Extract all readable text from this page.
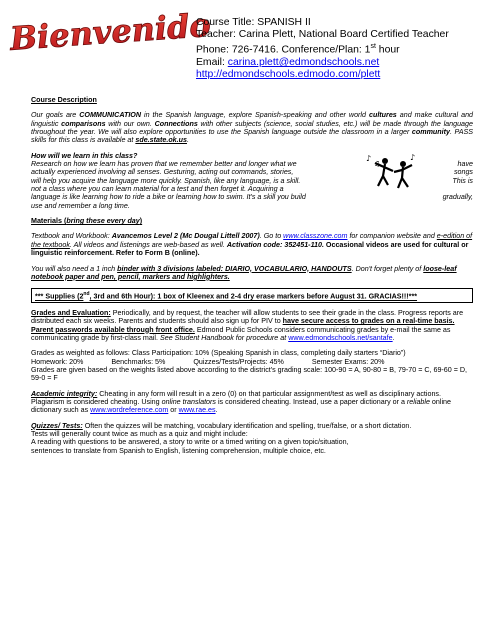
Bienvenido
Course Title: SPANISH II
Teacher: Carina Plett, National Board Certified Teacher
Phone: 726-7416. Conference/Plan: 1st hour
Email: carina.plett@edmondschools.net
http://edmondschools.edmodo.com/plett

Course Description

Our goals are COMMUNICATION in the Spanish language, explore Spanish-speaking and other world cultures and make cultural and linguistic comparisons with our own. Connections with other subjects (science, social studies, etc.) will be made through the language throughout the year. We will also explore opportunities to use the Spanish language outside the classroom in a larger community. PASS skills for this class is available at sde.state.ok.us.

How will we learn in this class?
Research on how we learn has proven that we remember better and longer what we	have
actually experienced involving all senses. Gesturing, acting out commands, stories,	songs
will help you acquire the language more quickly. Spanish, like any language, is a skill.	This is
not a class where you can learn material for a test and then forget it. Acquiring a
language is like learning how to ride a bike or learning how to swim. It's a skill you build	gradually,
use and remember a long time.
♪
♫
♪

Materials (bring these every day)

Textbook and Workbook: Avancemos Level 2 (Mc Dougal Littell 2007). Go to www.classzone.com for companion website and e-edition of the textbook. All videos and listenings are web-based as well. Activation code: 352451-110. Occasional videos are used for cultural or linguistic reinforcement. Refer to Form B (online).

You will also need a 1 inch binder with 3 divisions labeled: DIARIO, VOCABULARIO, HANDOUTS. Don't forget plenty of loose-leaf notebook paper and pen, pencil, markers and highlighters.

*** Supplies (2nd, 3rd and 6th Hour): 1 box of Kleenex and 2-4 dry erase markers before August 31. GRACIAS!!!***

Grades and Evaluation: Periodically, and by request, the teacher will allow students to see their grade in the class. Progress reports are distributed each six weeks. Parents and students should also sign up for PIV to have secure access to grades on a real-time basis. Parent passwords available through front office. Edmond Public Schools considers communicating grades by e-mail the same as communicating grade by first-class mail. See Student Handbook for procedure at www.edmondschools.net/santafe.

Grades as weighted as follows: Class Participation: 10% (Speaking Spanish in class, completing daily starters “Diario”)
Homework: 20%	Benchmarks: 5%	Quizzes/Tests/Projects: 45%	Semester Exams: 20%

Grades are given based on the weights listed above according to the district's grading scale: 100-90 = A, 90-80 = B, 79-70 = C, 69-60 = D, 59-0 = F

Academic integrity: Cheating in any form will result in a zero (0) on that particular assignment/test as well as disciplinary actions. Plagiarism is considered cheating. Using online translators is considered cheating. Instead, use a paper dictionary or a reliable online dictionary such as www.wordreference.com or www.rae.es.

Quizzes/ Tests: Often the quizzes will be matching, vocabulary identification and spelling, true/false, or a short dictation.
Tests will generally count twice as much as a quiz and might include:
A reading with questions to be answered, a story to write or a timed writing on a given topic/situation,
sentences to translate from Spanish to English, listening comprehension, multiple choice, etc.
